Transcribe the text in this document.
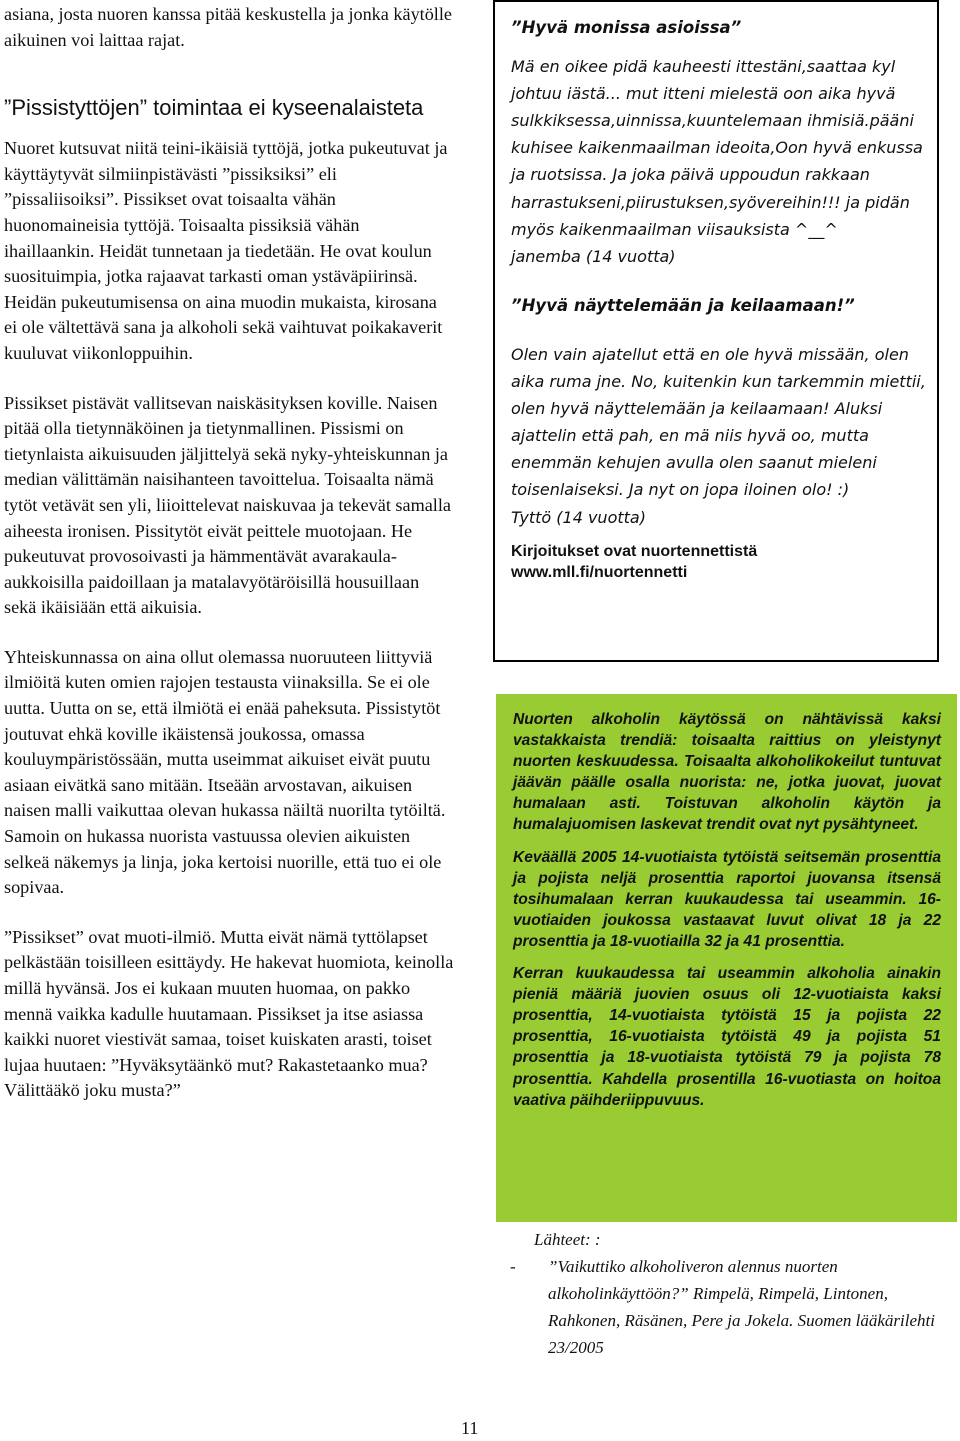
asiana, josta nuoren kanssa pitää keskustella ja jonka käytölle aikuinen voi laittaa rajat.

”Pissistyttöjen” toimintaa ei kyseenalaisteta

Nuoret kutsuvat niitä teini-ikäisiä tyttöjä, jotka pukeutuvat ja käyttäytyvät silmiinpistävästi ”pissiksiksi” eli ”pissaliisoiksi”. Pissikset ovat toisaalta vähän huonomaineisia tyttöjä. Toisaalta pissiksiä vähän ihaillaankin. Heidät tunnetaan ja tiedetään. He ovat koulun suosituimpia, jotka rajaavat tarkasti oman ystäväpiirinsä. Heidän pukeutumisensa on aina muodin mukaista, kirosana ei ole vältettävä sana ja alkoholi sekä vaihtuvat poikakaverit kuuluvat viikonloppuihin.

Pissikset pistävät vallitsevan naiskäsityksen koville. Naisen pitää olla tietynnäköinen ja tietynmallinen. Pissismi on tietynlaista aikuisuuden jäljittelyä sekä nyky-yhteiskunnan ja median välittämän naisihanteen tavoittelua. Toisaalta nämä tytöt vetävät sen yli, liioittelevat naiskuvaa ja tekevät samalla aiheesta ironisen. Pissitytöt eivät peittele muotojaan. He pukeutuvat provosoivasti ja hämmentävät avarakaula-aukkoisilla paidoillaan ja matalavyötäröisillä housuillaan sekä ikäisiään että aikuisia.

Yhteiskunnassa on aina ollut olemassa nuoruuteen liittyviä ilmiöitä kuten omien rajojen testausta viinaksilla. Se ei ole uutta. Uutta on se, että ilmiötä ei enää paheksuta. Pissistytöt joutuvat ehkä koville ikäistensä joukossa, omassa kouluympäristössään, mutta useimmat aikuiset eivät puutu asiaan eivätkä sano mitään. Itseään arvostavan, aikuisen naisen malli vaikuttaa olevan hukassa näiltä nuorilta tytöiltä. Samoin on hukassa nuorista vastuussa olevien aikuisten selkeä näkemys ja linja, joka kertoisi nuorille, että tuo ei ole sopivaa.

”Pissikset” ovat muoti-ilmiö. Mutta eivät nämä tyttölapset pelkästään toisilleen esittäydy. He hakevat huomiota, keinolla millä hyvänsä. Jos ei kukaan muuten huomaa, on pakko mennä vaikka kadulle huutamaan. Pissikset ja itse asiassa kaikki nuoret viestivät samaa, toiset kuiskaten arasti, toiset lujaa huutaen: ”Hyväksytäänkö mut? Rakastetaanko mua? Välittääkö joku musta?”

”Hyvä monissa asioissa”

Mä en oikee pidä kauheesti ittestäni,saattaa kyl johtuu iästä... mut itteni mielestä oon aika hyvä sulkkiksessa,uinnissa,kuuntelemaan ihmisiä.pääni kuhisee kaikenmaailman ideoita,Oon hyvä enkussa ja ruotsissa. Ja joka päivä uppoudun rakkaan harrastukseni,piirustuksen,syövereihin!!! ja pidän myös kaikenmaailman viisauksista ^__^

janemba (14 vuotta)

”Hyvä näyttelemään ja keilaamaan!”

Olen vain ajatellut että en ole hyvä missään, olen aika ruma jne. No, kuitenkin kun tarkemmin miettii, olen hyvä näyttelemään ja keilaamaan! Aluksi ajattelin että pah, en mä niis hyvä oo, mutta enemmän kehujen avulla olen saanut mieleni toisenlaiseksi. Ja nyt on jopa iloinen olo! :)

Tyttö (14 vuotta)

Kirjoitukset ovat nuortennettistä
www.mll.fi/nuortennetti

Nuorten alkoholin käytössä on nähtävissä kaksi vastakkaista trendiä: toisaalta raittius on yleistynyt nuorten keskuudessa. Toisaalta alkoholikokeilut tuntuvat jäävän päälle osalla nuorista: ne, jotka juovat, juovat humalaan asti. Toistuvan alkoholin käytön ja humalajuomisen laskevat trendit ovat nyt pysähtyneet.

Keväällä 2005 14-vuotiaista tytöistä seitsemän prosenttia ja pojista neljä prosenttia raportoi juovansa itsensä tosihumalaan kerran kuukaudessa tai useammin. 16-vuotiaiden joukossa vastaavat luvut olivat 18 ja 22 prosenttia ja 18-vuotiailla 32 ja 41 prosenttia.

Kerran kuukaudessa tai useammin alkoholia ainakin pieniä määriä juovien osuus oli 12-vuotiaista kaksi prosenttia, 14-vuotiaista tytöistä 15 ja pojista 22 prosenttia, 16-vuotiaista tytöistä 49 ja pojista 51 prosenttia ja 18-vuotiaista tytöistä 79 ja pojista 78 prosenttia. Kahdella prosentilla 16-vuotiasta on hoitoa vaativa päihderiippuvuus.

Lähteet: :
-	”Vaikuttiko alkoholiveron alennus nuorten alkoholinkäyttöön?” Rimpelä, Rimpelä, Lintonen, Rahkonen, Räsänen, Pere ja Jokela. Suomen lääkärilehti 23/2005
11
